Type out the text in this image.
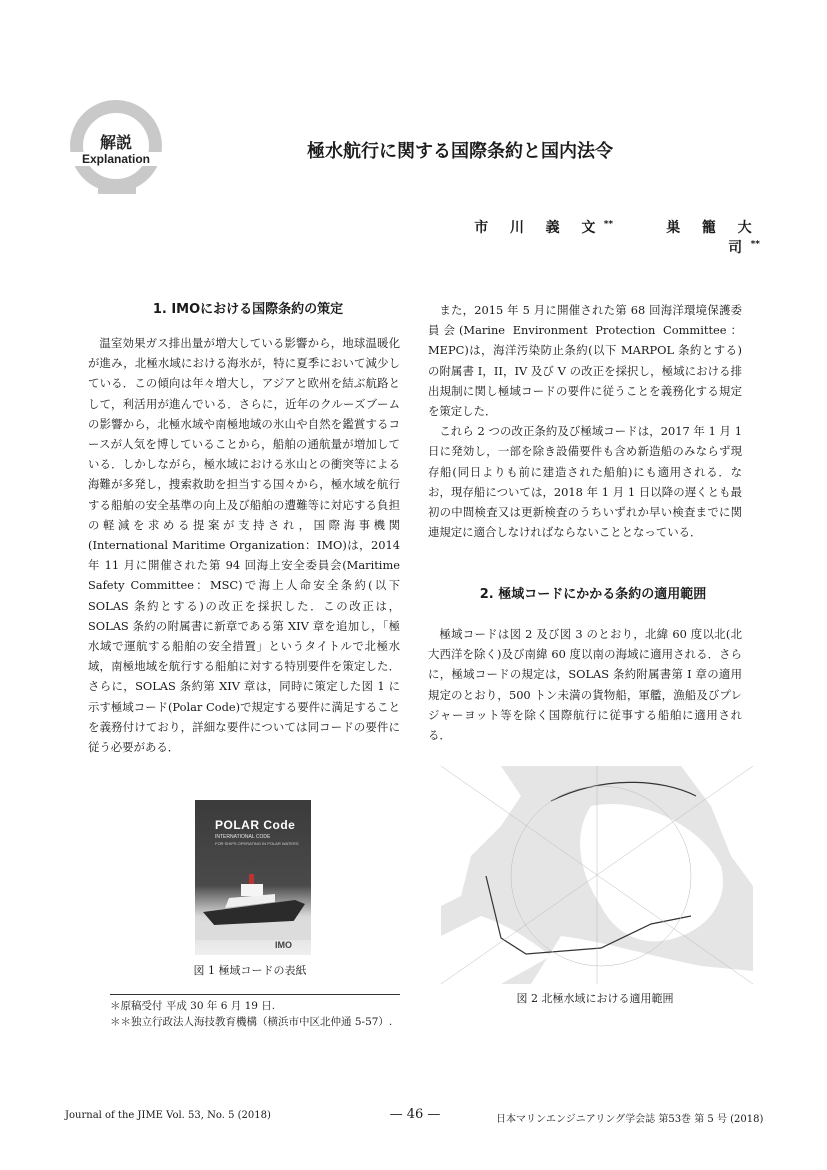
解説
Explanation	極水航行に関する国際条約と国内法令
市 川 義 文**	巣 籠 大 司**
1. IMOにおける国際条約の策定

温室効果ガス排出量が増大している影響から，地球温暖化が進み，北極水域における海氷が，特に夏季において減少している．この傾向は年々増大し，アジアと欧州を結ぶ航路として，利活用が進んでいる．さらに，近年のクルーズブームの影響から，北極水域や南極地域の氷山や自然を鑑賞するコースが人気を博していることから，船舶の通航量が増加している．しかしながら，極水域における氷山との衝突等による海難が多発し，捜索救助を担当する国々から，極水域を航行する船舶の安全基準の向上及び船舶の遭難等に対応する負担の軽減を求める提案が支持され，国際海事機関(International Maritime Organization：IMO)は，2014 年 11 月に開催された第 94 回海上安全委員会(Maritime Safety Committee：MSC)で海上人命安全条約(以下 SOLAS 条約とする)の改正を採択した．この改正は，SOLAS 条約の附属書に新章である第 XIV 章を追加し，「極水域で運航する船舶の安全措置」というタイトルで北極水域，南極地域を航行する船舶に対する特別要件を策定した．さらに，SOLAS 条約第 XIV 章は，同時に策定した図 1 に示す極域コード(Polar Code)で規定する要件に満足することを義務付けており，詳細な要件については同コードの要件に従う必要がある．

また，2015 年 5 月に開催された第 68 回海洋環境保護委員会(Marine Environment Protection Committee：MEPC)は，海洋汚染防止条約(以下 MARPOL 条約とする)の附属書 I，II，IV 及び V の改正を採択し，極域における排出規制に関し極域コードの要件に従うことを義務化する規定を策定した．

これら 2 つの改正条約及び極域コードは，2017 年 1 月 1 日に発効し，一部を除き設備要件も含め新造船のみならず現存船(同日よりも前に建造された船舶)にも適用される．なお，現存船については，2018 年 1 月 1 日以降の遅くとも最初の中間検査又は更新検査のうちいずれか早い検査までに関連規定に適合しなければならないこととなっている．

2. 極域コードにかかる条約の適用範囲

極域コードは図 2 及び図 3 のとおり，北緯 60 度以北(北大西洋を除く)及び南緯 60 度以南の海域に適用される．さらに，極域コードの規定は，SOLAS 条約附属書第 I 章の適用規定のとおり，500 トン未満の貨物船，軍艦，漁船及びプレジャーヨット等を除く国際航行に従事する船舶に適用される．

POLAR Code
INTERNATIONAL CODE
FOR SHIPS OPERATING IN POLAR WATERS
IMO
図 1 極域コードの表紙
＊原稿受付 平成 30 年 6 月 19 日.
＊＊独立行政法人海技教育機構（横浜市中区北仲通 5-57）.
図 2 北極水域における適用範囲
Journal of the JIME Vol. 53, No. 5 (2018)	— 46 —	日本マリンエンジニアリング学会誌 第53巻 第 5 号 (2018)
